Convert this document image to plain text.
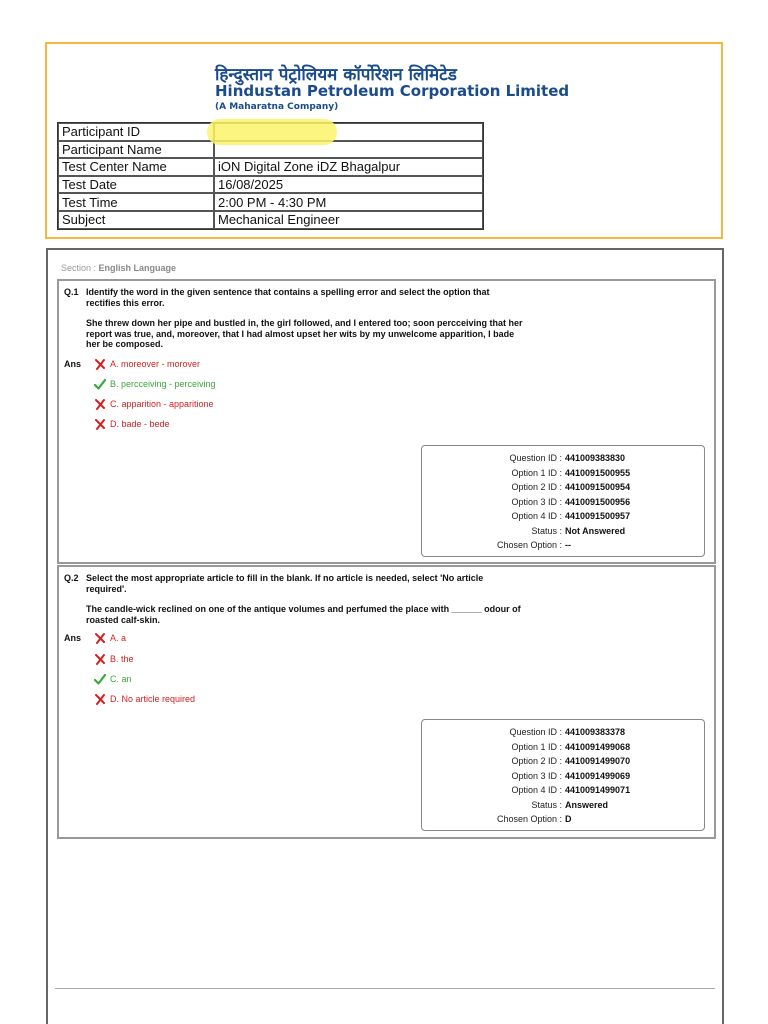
हिन्दुस्तान पेट्रोलियम कॉर्पोरेशन लिमिटेड
Hindustan Petroleum Corporation Limited
(A Maharatna Company)
Participant ID	
Participant Name	
Test Center Name	iON Digital Zone iDZ Bhagalpur
Test Date	16/08/2025
Test Time	2:00 PM - 4:30 PM
Subject	Mechanical Engineer
Section : English Language
Q.1 Identify the word in the given sentence that contains a spelling error and select the option that rectifies this error.

She threw down her pipe and bustled in, the girl followed, and I entered too; soon percceiving that her report was true, and, moreover, that I had almost upset her wits by my unwelcome apparition, I bade her be composed.

Ans	A. moreover - morover
B. percceiving - perceiving
C. apparition - apparitione
D. bade - bede
Question ID : 441009383830
Option 1 ID : 4410091500955
Option 2 ID : 4410091500954
Option 3 ID : 4410091500956
Option 4 ID : 4410091500957
Status : Not Answered
Chosen Option : --
Q.2 Select the most appropriate article to fill in the blank. If no article is needed, select 'No article required'.

The candle-wick reclined on one of the antique volumes and perfumed the place with ______ odour of roasted calf-skin.

Ans	A. a
B. the
C. an
D. No article required
Question ID : 441009383378
Option 1 ID : 4410091499068
Option 2 ID : 4410091499070
Option 3 ID : 4410091499069
Option 4 ID : 4410091499071
Status : Answered
Chosen Option : D
